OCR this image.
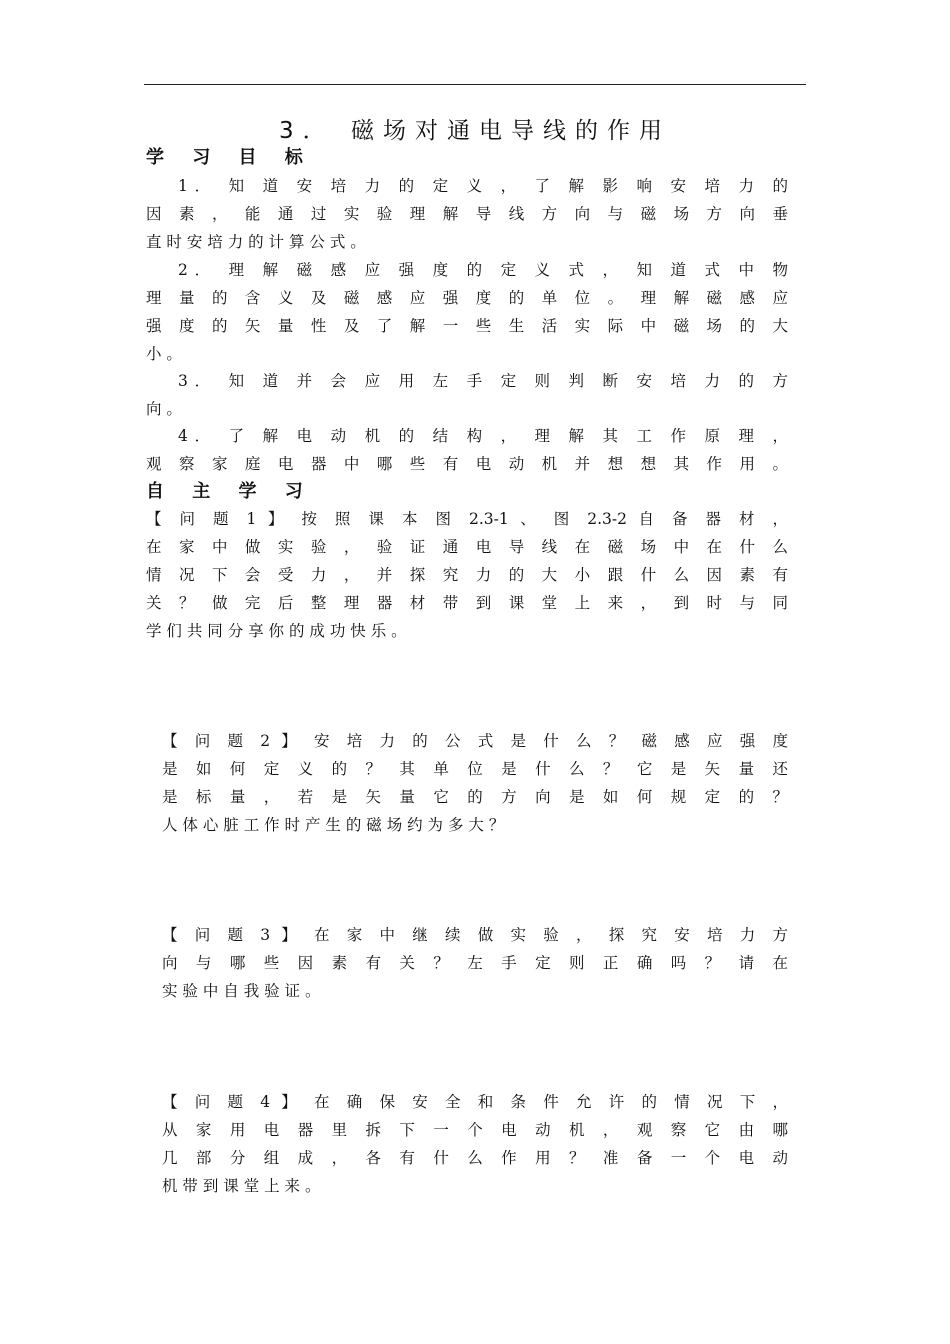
3． 磁场对通电导线的作用
学 习 目 标
1． 知 道 安 培 力 的 定 义 ， 了 解 影 响 安 培 力 的
因 素 ， 能 通 过 实 验 理 解 导 线 方 向 与 磁 场 方 向 垂
直 时 安 培 力 的 计 算 公 式 。
2． 理 解 磁 感 应 强 度 的 定 义 式 ， 知 道 式 中 物
理 量 的 含 义 及 磁 感 应 强 度 的 单 位 。 理 解 磁 感 应
强 度 的 矢 量 性 及 了 解 一 些 生 活 实 际 中 磁 场 的 大
小 。
3． 知 道 并 会 应 用 左 手 定 则 判 断 安 培 力 的 方
向 。
4． 了 解 电 动 机 的 结 构 ， 理 解 其 工 作 原 理 ，
观 察 家 庭 电 器 中 哪 些 有 电 动 机 并 想 想 其 作 用 。
自 主 学 习
【 问 题 1 】 按 照 课 本 图 2.3-1 、 图 2.3-2 自 备 器 材 ，
在 家 中 做 实 验 ， 验 证 通 电 导 线 在 磁 场 中 在 什 么
情 况 下 会 受 力 ， 并 探 究 力 的 大 小 跟 什 么 因 素 有
关 ？ 做 完 后 整 理 器 材 带 到 课 堂 上 来 ， 到 时 与 同
学 们 共 同 分 享 你 的 成 功 快 乐 。
【 问 题 2 】 安 培 力 的 公 式 是 什 么 ？ 磁 感 应 强 度
是 如 何 定 义 的 ？ 其 单 位 是 什 么 ？ 它 是 矢 量 还
是 标 量 ， 若 是 矢 量 它 的 方 向 是 如 何 规 定 的 ？
人 体 心 脏 工 作 时 产 生 的 磁 场 约 为 多 大 ？
【 问 题 3 】 在 家 中 继 续 做 实 验 ， 探 究 安 培 力 方
向 与 哪 些 因 素 有 关 ？ 左 手 定 则 正 确 吗 ？ 请 在
实 验 中 自 我 验 证 。
【 问 题 4 】 在 确 保 安 全 和 条 件 允 许 的 情 况 下 ，
从 家 用 电 器 里 拆 下 一 个 电 动 机 ， 观 察 它 由 哪
几 部 分 组 成 ， 各 有 什 么 作 用 ？ 准 备 一 个 电 动
机 带 到 课 堂 上 来 。
